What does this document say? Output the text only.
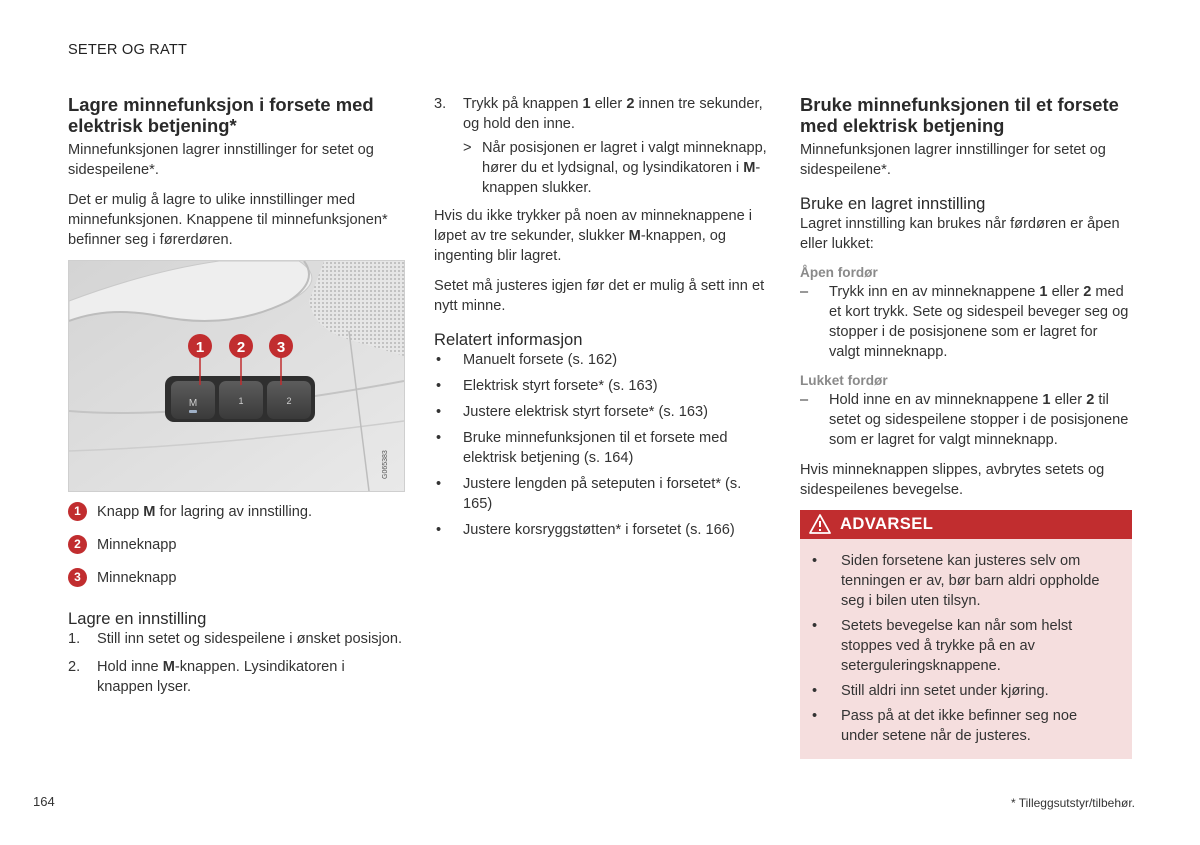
SETER OG RATT
Lagre minnefunksjon i forsete med elektrisk betjening*

Minnefunksjonen lagrer innstillinger for setet og sidespeilene*.

Det er mulig å lagre to ulike innstillinger med minnefunksjonen. Knappene til minnefunksjonen* befinner seg i førerdøren.

M	1	2
1 2 3
G065383
1	Knapp M for lagring av innstilling.
2	Minneknapp
3	Minneknapp
Lagre en innstilling
1. Still inn setet og sidespeilene i ønsket posisjon.
2. Hold inne M-knappen. Lysindikatoren i knappen lyser.
3. Trykk på knappen 1 eller 2 innen tre sekunder, og hold den inne.
> Når posisjonen er lagret i valgt minneknapp, hører du et lydsignal, og lysindikatoren i M-knappen slukker.

Hvis du ikke trykker på noen av minneknappene i løpet av tre sekunder, slukker M-knappen, og ingenting blir lagret.

Setet må justeres igjen før det er mulig å sett inn et nytt minne.

Relatert informasjon
• Manuelt forsete (s. 162)
• Elektrisk styrt forsete* (s. 163)
• Justere elektrisk styrt forsete* (s. 163)
• Bruke minnefunksjonen til et forsete med elektrisk betjening (s. 164)
• Justere lengden på seteputen i forsetet* (s. 165)
• Justere korsryggstøtten* i forsetet (s. 166)
Bruke minnefunksjonen til et forsete med elektrisk betjening

Minnefunksjonen lagrer innstillinger for setet og sidespeilene*.

Bruke en lagret innstilling

Lagret innstilling kan brukes når førdøren er åpen eller lukket:

Åpen fordør
– Trykk inn en av minneknappene 1 eller 2 med et kort trykk. Sete og sidespeil beveger seg og stopper i de posisjonene som er lagret for valgt minneknapp.
Lukket fordør
– Hold inne en av minneknappene 1 eller 2 til setet og sidespeilene stopper i de posisjonene som er lagret for valgt minneknapp.

Hvis minneknappen slippes, avbrytes setets og sidespeilenes bevegelse.

ADVARSEL
• Siden forsetene kan justeres selv om tenningen er av, bør barn aldri oppholde seg i bilen uten tilsyn.
• Setets bevegelse kan når som helst stoppes ved å trykke på en av seterguleringsknappene.
• Still aldri inn setet under kjøring.
• Pass på at det ikke befinner seg noe under setene når de justeres.
164	* Tilleggsutstyr/tilbehør.
